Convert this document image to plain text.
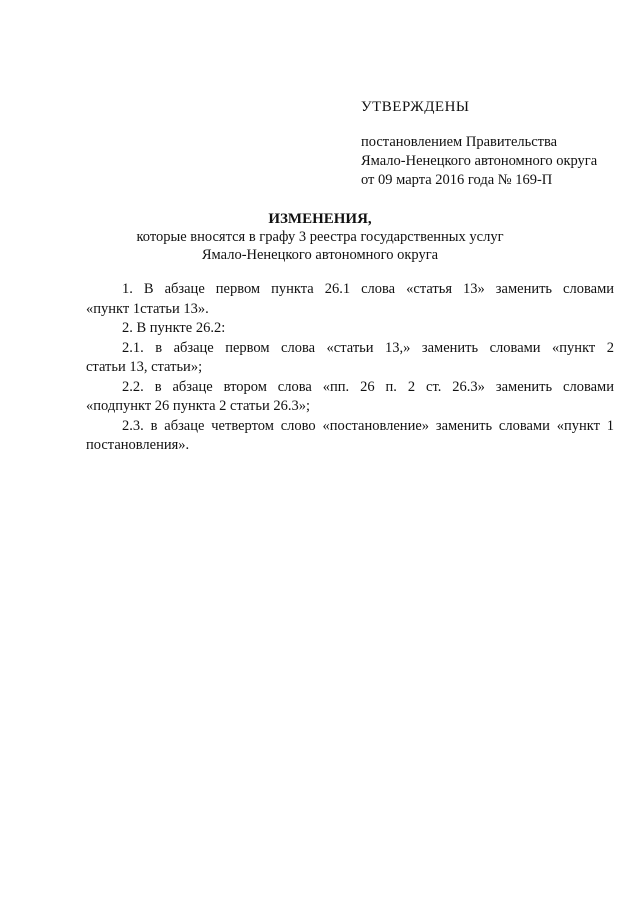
УТВЕРЖДЕНЫ
постановлением Правительства
Ямало-Ненецкого автономного округа
от 09 марта 2016 года № 169-П
ИЗМЕНЕНИЯ,
которые вносятся в графу 3 реестра государственных услуг
Ямало-Ненецкого автономного округа
1. В абзаце первом пункта 26.1 слова «статья 13» заменить словами
«пункт 1статьи 13».
2. В пункте 26.2:
2.1. в абзаце первом слова «статьи 13,» заменить словами «пункт 2
статьи 13, статьи»;
2.2. в абзаце втором слова «пп. 26 п. 2 ст. 26.3» заменить словами
«подпункт 26 пункта 2 статьи 26.3»;
2.3. в абзаце четвертом слово «постановление» заменить словами «пункт 1
постановления».
